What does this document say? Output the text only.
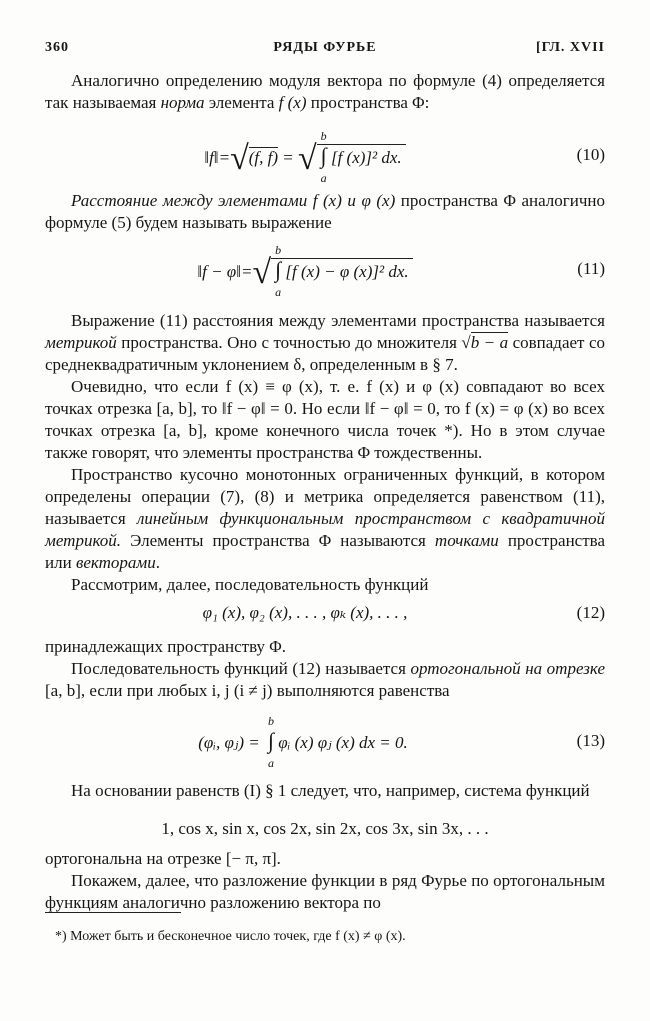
360	РЯДЫ ФУРЬЕ	[ГЛ. XVII

Аналогично определению модуля вектора по формуле (4) определяется так называемая норма элемента f (x) пространства Φ:

‖f‖=√(f, f) = √
b
∫
a
[f (x)]² dx.	(10)

Расстояние между элементами f (x) и φ (x) пространства Φ аналогично формуле (5) будем называть выражение

‖f − φ‖=√
b
∫
a
[f (x) − φ (x)]² dx.	(11)

Выражение (11) расстояния между элементами пространства называется метрикой пространства. Оно с точностью до множителя √b − a совпадает со среднеквадратичным уклонением δ, определенным в § 7.

Очевидно, что если f (x) ≡ φ (x), т. е. f (x) и φ (x) совпадают во всех точках отрезка [a, b], то ‖f − φ‖ = 0. Но если ‖f − φ‖ = 0, то f (x) = φ (x) во всех точках отрезка [a, b], кроме конечного числа точек *). Но в этом случае также говорят, что элементы пространства Φ тождественны.

Пространство кусочно монотонных ограниченных функций, в котором определены операции (7), (8) и метрика определяется равенством (11), называется линейным функциональным пространством с квадратичной метрикой. Элементы пространства Φ называются точками пространства или векторами.

Рассмотрим, далее, последовательность функций

φ₁ (x), φ₂ (x), . . . , φₖ (x), . . . ,	(12)

принадлежащих пространству Φ.

Последовательность функций (12) называется ортогональной на отрезке [a, b], если при любых i, j (i ≠ j) выполняются равенства

(φᵢ, φⱼ) =
b
∫
a
φᵢ (x) φⱼ (x) dx = 0.	(13)

На основании равенств (I) § 1 следует, что, например, система функций

1, cos x, sin x, cos 2x, sin 2x, cos 3x, sin 3x, . . .

ортогональна на отрезке [− π, π].

Покажем, далее, что разложение функции в ряд Фурье по ортогональным функциям аналогично разложению вектора по

*) Может быть и бесконечное число точек, где f (x) ≠ φ (x).
